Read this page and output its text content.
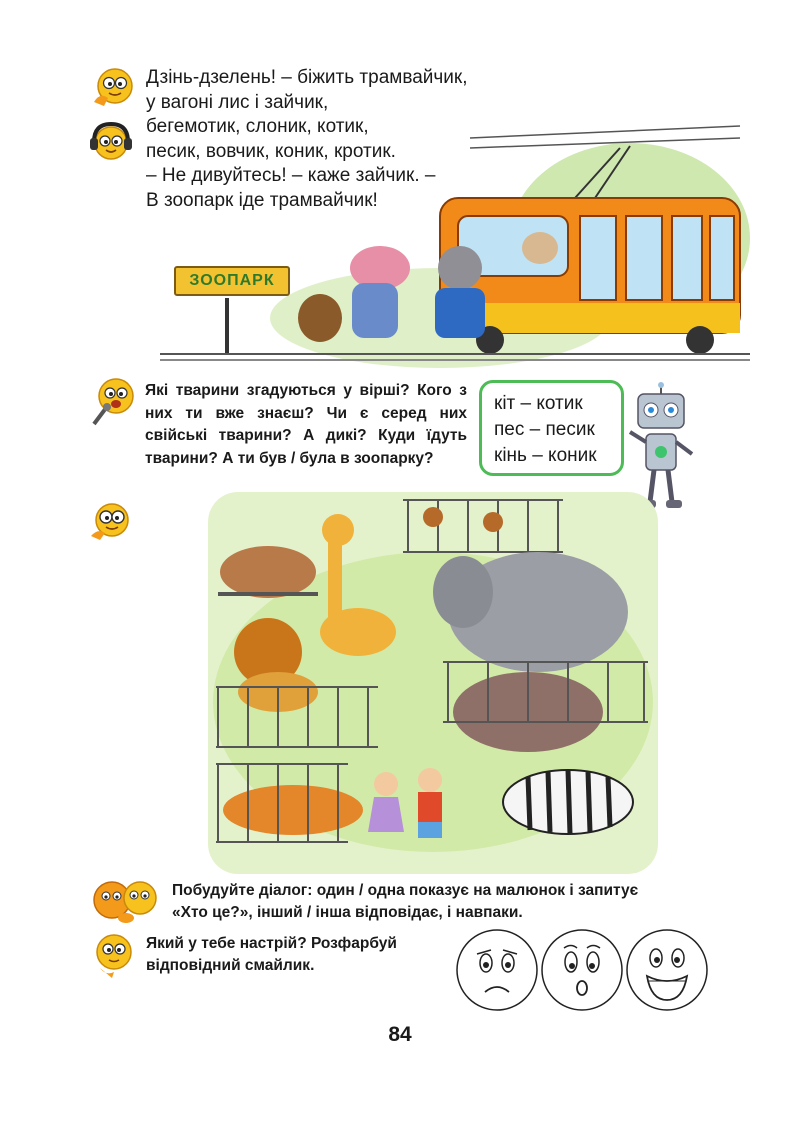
Дзінь-дзелень! – біжить трамвайчик,
у вагоні лис і зайчик,
бегемотик, слоник, котик,
песик, вовчик, коник, кротик.
– Не дивуйтесь! – каже зайчик. –
В зоопарк іде трамвайчик!
ЗООПАРК
Які тварини згадуються у вірші? Кого з них ти вже знаєш? Чи є серед них свійські тварини? А дикі? Куди їдуть тварини? А ти був / була в зоопарку?
кіт – котик
пес – песик
кінь – коник
Побудуйте діалог: один / одна показує на малюнок і запитує
«Хто це?», інший / інша відповідає, і навпаки.
Який у тебе настрій? Розфарбуй
відповідний смайлик.
84
